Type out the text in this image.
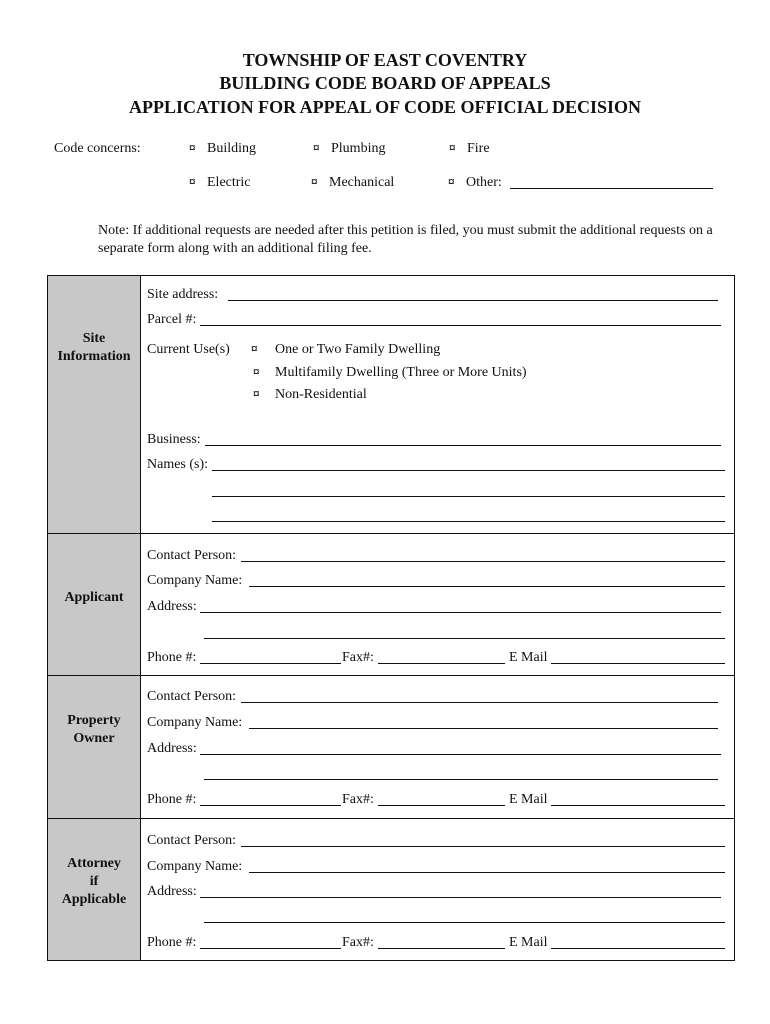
TOWNSHIP OF EAST COVENTRY
BUILDING CODE BOARD OF APPEALS
APPLICATION FOR APPEAL OF CODE OFFICIAL DECISION
Code concerns:	¤ Building	¤ Plumbing	¤ Fire
¤ Electric	¤ Mechanical	¤ Other:
Note: If additional requests are needed after this petition is filed, you must submit the additional requests on a separate form along with an additional filing fee.
Site Information
Site address:
Parcel #:
Current Use(s) ¤ One or Two Family Dwelling
¤ Multifamily Dwelling (Three or More Units)
¤ Non-Residential
Business:
Names (s):
Applicant
Contact Person:
Company Name:
Address:
Phone #:	Fax#:	E Mail
Property
Owner
Contact Person:
Company Name:
Address:
Phone #:	Fax#:	E Mail
Attorney
if
Applicable
Contact Person:
Company Name:
Address:
Phone #:	Fax#:	E Mail
